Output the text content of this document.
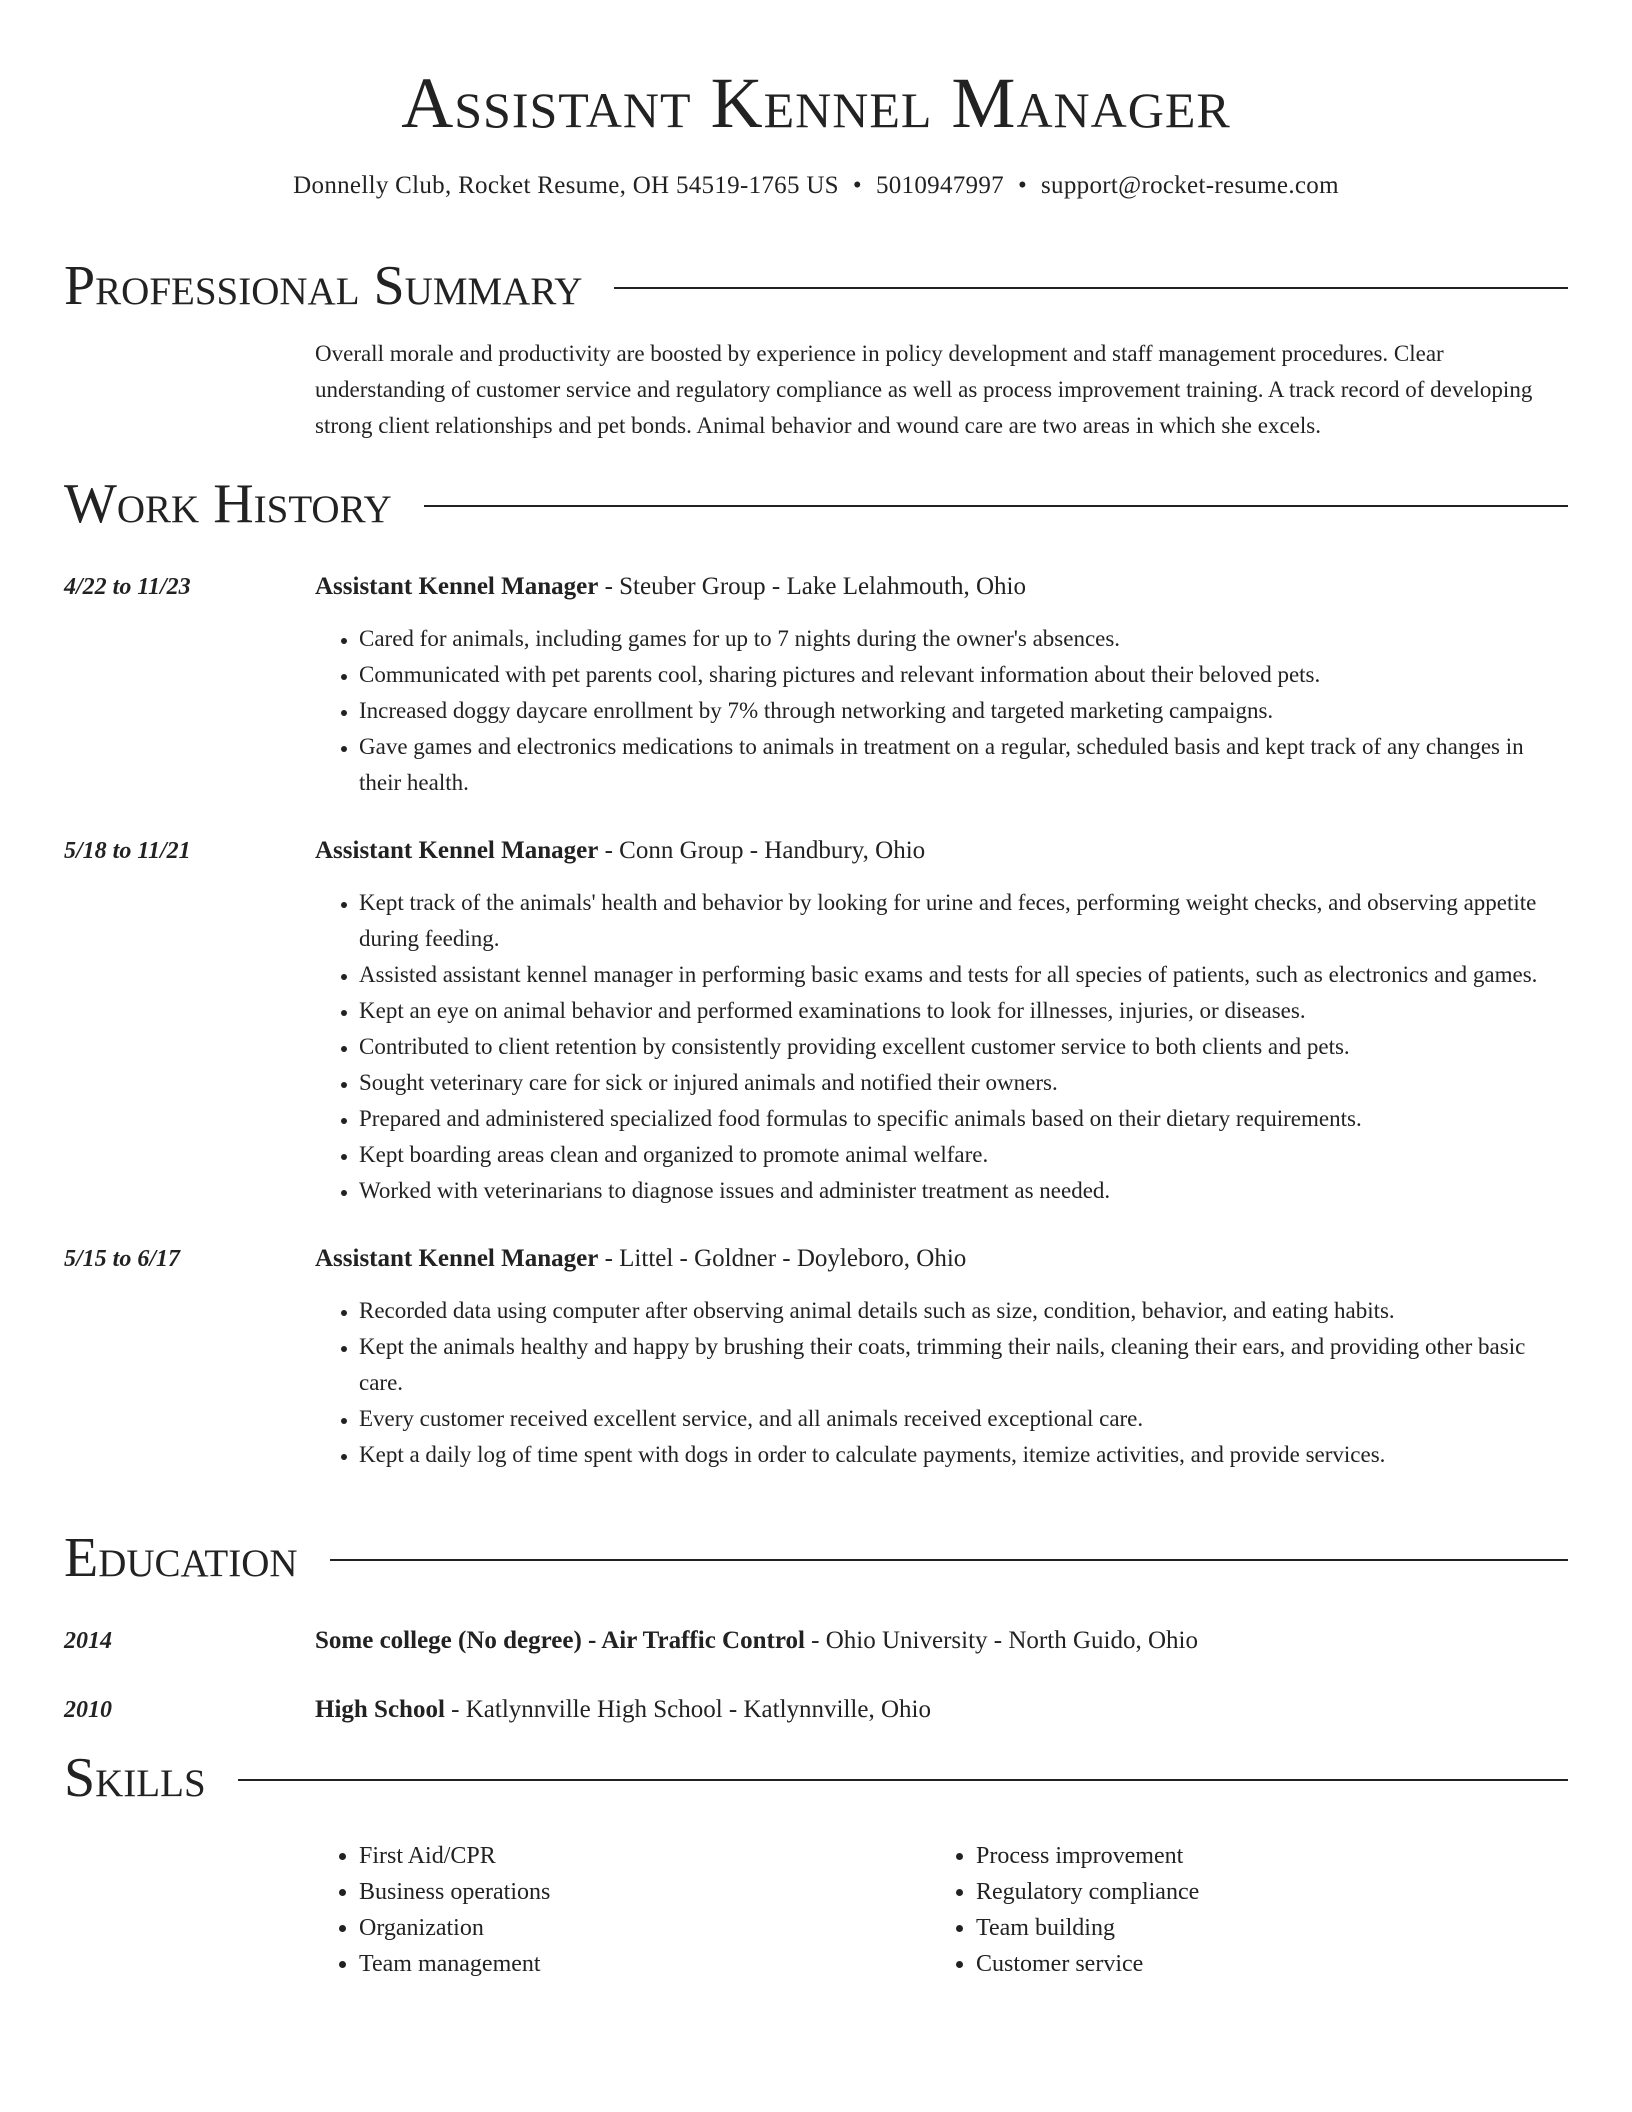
Assistant Kennel Manager
Donnelly Club, Rocket Resume, OH 54519-1765 US • 5010947997 • support@rocket-resume.com
Professional Summary
Overall morale and productivity are boosted by experience in policy development and staff management procedures. Clear understanding of customer service and regulatory compliance as well as process improvement training. A track record of developing strong client relationships and pet bonds. Animal behavior and wound care are two areas in which she excels.
Work History
4/22 to 11/23	Assistant Kennel Manager - Steuber Group - Lake Lelahmouth, Ohio
• Cared for animals, including games for up to 7 nights during the owner's absences.
• Communicated with pet parents cool, sharing pictures and relevant information about their beloved pets.
• Increased doggy daycare enrollment by 7% through networking and targeted marketing campaigns.
• Gave games and electronics medications to animals in treatment on a regular, scheduled basis and kept track of any changes in their health.
5/18 to 11/21	Assistant Kennel Manager - Conn Group - Handbury, Ohio
• Kept track of the animals' health and behavior by looking for urine and feces, performing weight checks, and observing appetite during feeding.
• Assisted assistant kennel manager in performing basic exams and tests for all species of patients, such as electronics and games.
• Kept an eye on animal behavior and performed examinations to look for illnesses, injuries, or diseases.
• Contributed to client retention by consistently providing excellent customer service to both clients and pets.
• Sought veterinary care for sick or injured animals and notified their owners.
• Prepared and administered specialized food formulas to specific animals based on their dietary requirements.
• Kept boarding areas clean and organized to promote animal welfare.
• Worked with veterinarians to diagnose issues and administer treatment as needed.
5/15 to 6/17	Assistant Kennel Manager - Littel - Goldner - Doyleboro, Ohio
• Recorded data using computer after observing animal details such as size, condition, behavior, and eating habits.
• Kept the animals healthy and happy by brushing their coats, trimming their nails, cleaning their ears, and providing other basic care.
• Every customer received excellent service, and all animals received exceptional care.
• Kept a daily log of time spent with dogs in order to calculate payments, itemize activities, and provide services.
Education
2014	Some college (No degree) - Air Traffic Control - Ohio University - North Guido, Ohio
2010	High School - Katlynnville High School - Katlynnville, Ohio
Skills
• First Aid/CPR
• Business operations
• Organization
• Team management
• Process improvement
• Regulatory compliance
• Team building
• Customer service
